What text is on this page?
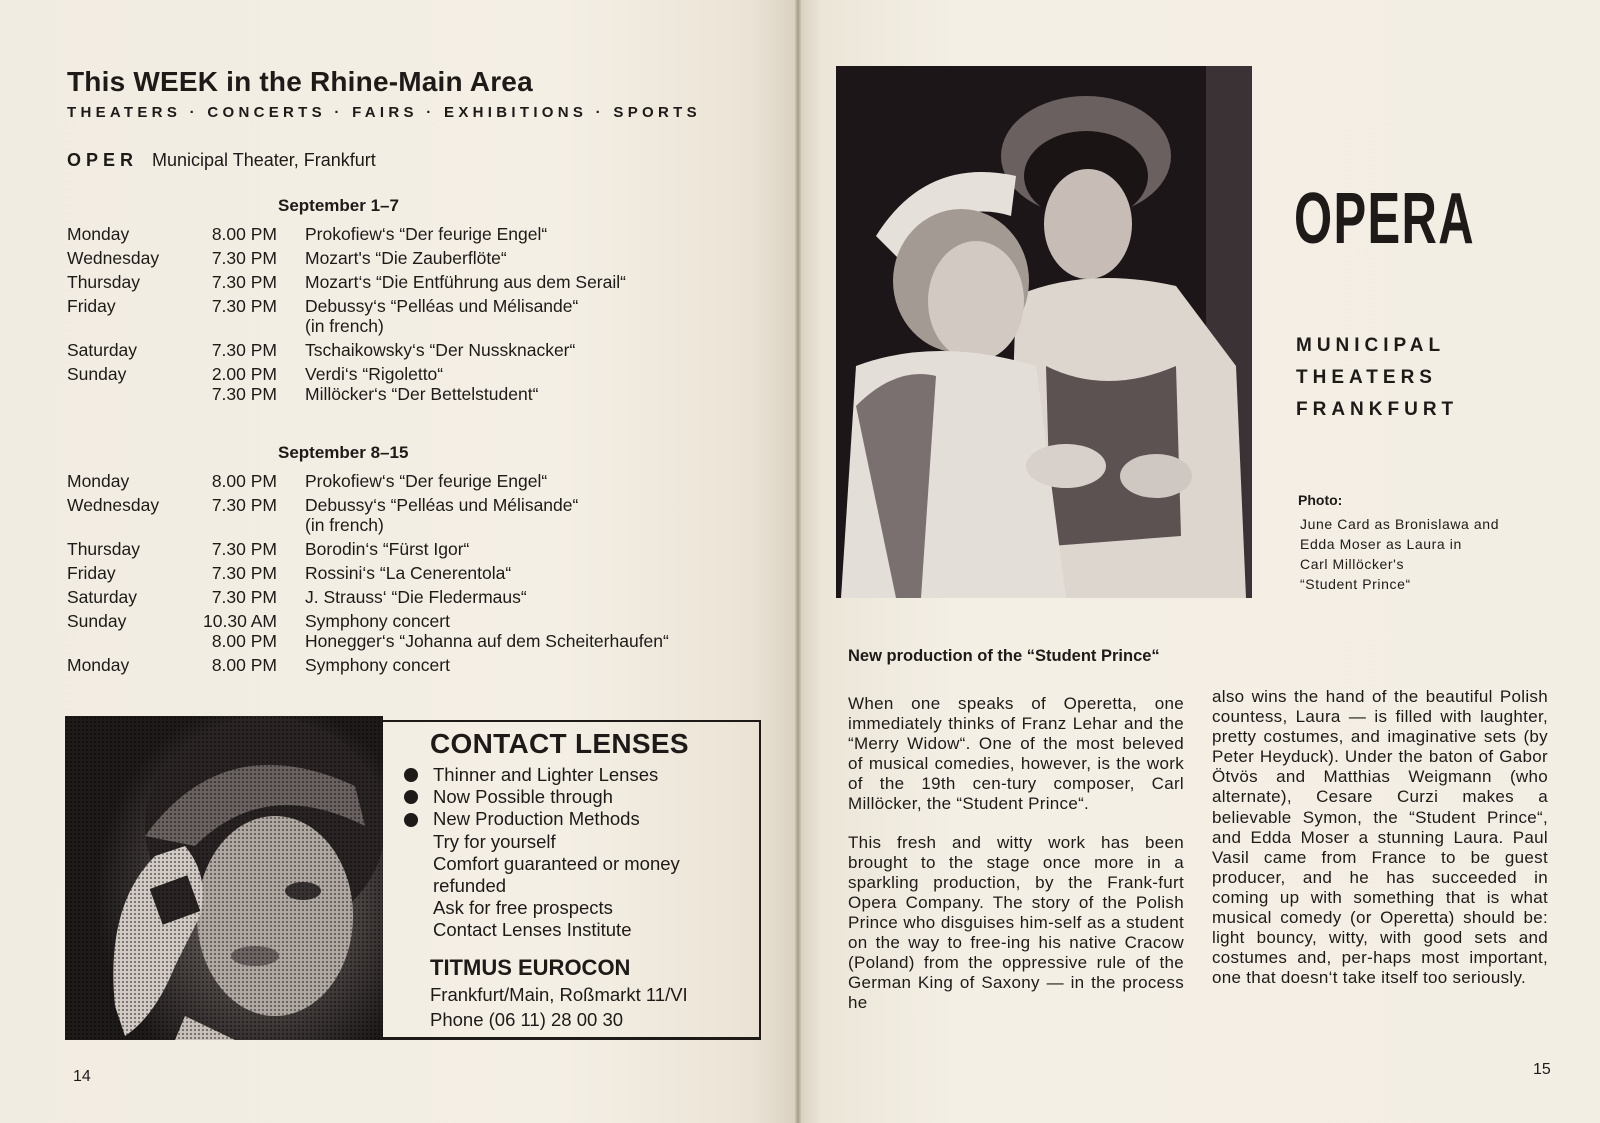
This WEEK in the Rhine-Main Area
THEATERS · CONCERTS · FAIRS · EXHIBITIONS · SPORTS
OPER Municipal Theater, Frankfurt
September 1–7
Monday	8.00 PM Prokofiew‘s “Der feurige Engel“
Wednesday	7.30 PM Mozart's “Die Zauberflöte“
Thursday	7.30 PM Mozart‘s “Die Entführung aus dem Serail“
Friday	7.30 PM Debussy‘s “Pelléas und Mélisande“
(in french)
Saturday	7.30 PM Tschaikowsky‘s “Der Nussknacker“
Sunday	2.00 PM Verdi‘s “Rigoletto“
7.30 PM Millöcker‘s “Der Bettelstudent“
September 8–15
Monday	8.00 PM Prokofiew‘s “Der feurige Engel“
Wednesday	7.30 PM Debussy‘s “Pelléas und Mélisande“
(in french)
Thursday	7.30 PM Borodin‘s “Fürst Igor“
Friday	7.30 PM Rossini‘s “La Cenerentola“
Saturday	7.30 PM J. Strauss‘ “Die Fledermaus“
Sunday	10.30 AM Symphony concert
8.00 PM Honegger‘s “Johanna auf dem Scheiterhaufen“
Monday	8.00 PM Symphony concert
CONTACT LENSES
Thinner and Lighter Lenses
Now Possible through
New Production Methods
Try for yourself
Comfort guaranteed or money
refunded
Ask for free prospects
Contact Lenses Institute
TITMUS EUROCON
Frankfurt/Main, Roßmarkt 11/VI
Phone (06 11) 28 00 30
14
OPERA
MUNICIPAL
THEATERS
FRANKFURT
Photo:
June Card as Bronislawa and
Edda Moser as Laura in
Carl Millöcker's
“Student Prince“
New production of the “Student Prince“

When one speaks of Operetta, one immediately thinks of Franz Lehar and the “Merry Widow“. One of the most beleved of musical comedies, however, is the work of the 19th cen-tury composer, Carl Millöcker, the “Student Prince“.

This fresh and witty work has been brought to the stage once more in a sparkling production, by the Frank-furt Opera Company. The story of the Polish Prince who disguises him-self as a student on the way to free-ing his native Cracow (Poland) from the oppressive rule of the German King of Saxony — in the process he

also wins the hand of the beautiful Polish countess, Laura — is filled with laughter, pretty costumes, and imaginative sets (by Peter Heyduck). Under the baton of Gabor Ötvös and Matthias Weigmann (who alternate), Cesare Curzi makes a believable Symon, the “Student Prince“, and Edda Moser a stunning Laura. Paul Vasil came from France to be guest producer, and he has succeeded in coming up with something that is what musical comedy (or Operetta) should be: light bouncy, witty, with good sets and costumes and, per-haps most important, one that doesn‘t take itself too seriously.

15
